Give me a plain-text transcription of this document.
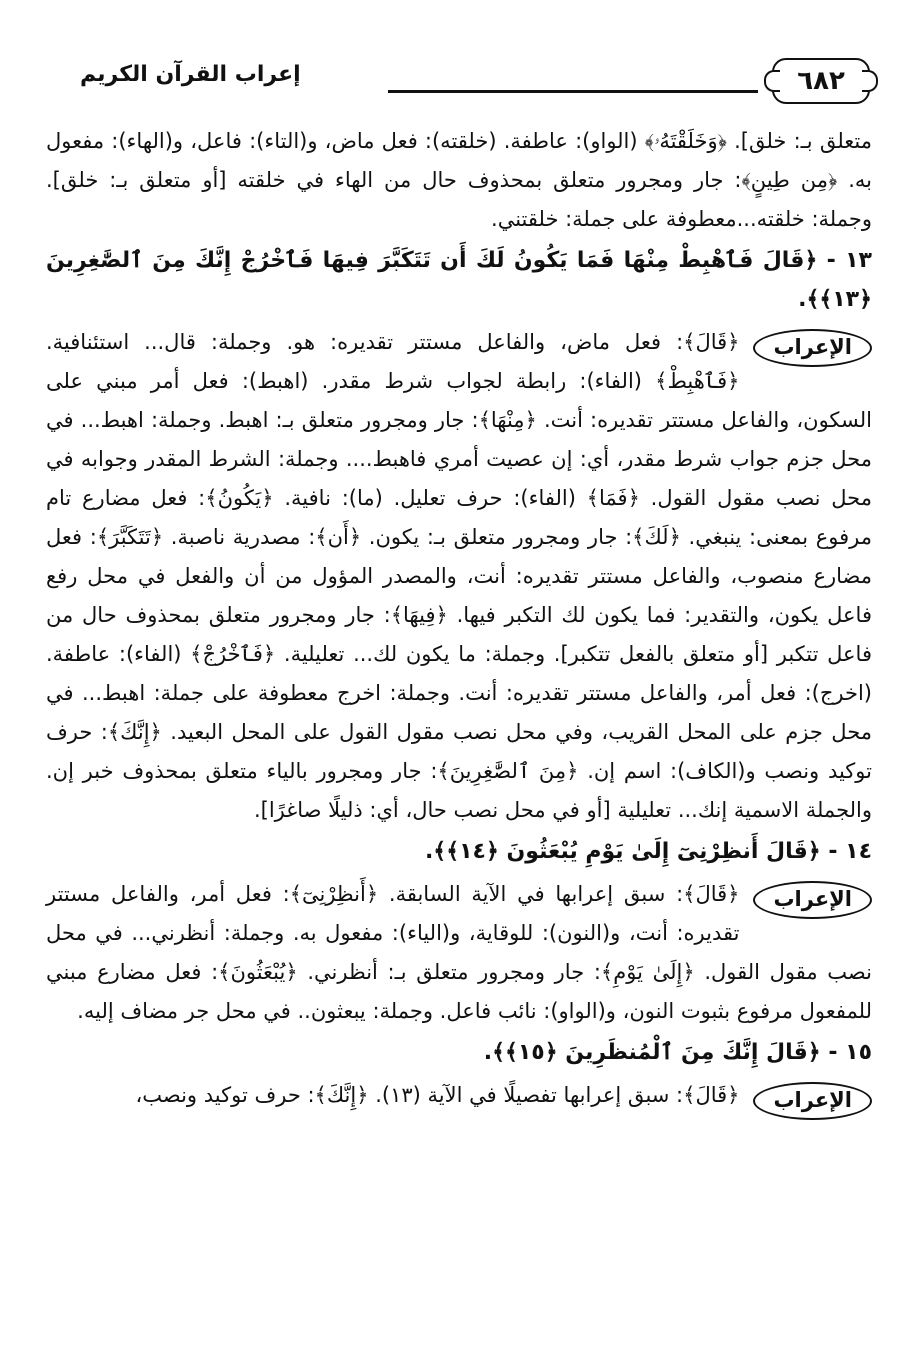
٦٨٢
إعراب القرآن الكريم

متعلق بـ: خلق]. ﴿وَخَلَقْتَهُۥ﴾ (الواو): عاطفة. (خلقته): فعل ماض، و(التاء): فاعل، و(الهاء): مفعول به. ﴿مِن طِينٍ﴾: جار ومجرور متعلق بمحذوف حال من الهاء في خلقته [أو متعلق بـ: خلق]. وجملة: خلقته...معطوفة على جملة: خلقتني.

١٣ - ﴿قَالَ فَٱهْبِطْ مِنْهَا فَمَا يَكُونُ لَكَ أَن تَتَكَبَّرَ فِيهَا فَٱخْرُجْ إِنَّكَ مِنَ ٱلصَّٰغِرِينَ ﴿١٣﴾﴾.

الإعراب

﴿قَالَ﴾: فعل ماض، والفاعل مستتر تقديره: هو. وجملة: قال... استئنافية. ﴿فَٱهْبِطْ﴾ (الفاء): رابطة لجواب شرط مقدر. (اهبط): فعل أمر مبني على السكون، والفاعل مستتر تقديره: أنت. ﴿مِنْهَا﴾: جار ومجرور متعلق بـ: اهبط. وجملة: اهبط... في محل جزم جواب شرط مقدر، أي: إن عصيت أمري فاهبط.... وجملة: الشرط المقدر وجوابه في محل نصب مقول القول. ﴿فَمَا﴾ (الفاء): حرف تعليل. (ما): نافية. ﴿يَكُونُ﴾: فعل مضارع تام مرفوع بمعنى: ينبغي. ﴿لَكَ﴾: جار ومجرور متعلق بـ: يكون. ﴿أَن﴾: مصدرية ناصبة. ﴿تَتَكَبَّرَ﴾: فعل مضارع منصوب، والفاعل مستتر تقديره: أنت، والمصدر المؤول من أن والفعل في محل رفع فاعل يكون، والتقدير: فما يكون لك التكبر فيها. ﴿فِيهَا﴾: جار ومجرور متعلق بمحذوف حال من فاعل تتكبر [أو متعلق بالفعل تتكبر]. وجملة: ما يكون لك... تعليلية. ﴿فَٱخْرُجْ﴾ (الفاء): عاطفة. (اخرج): فعل أمر، والفاعل مستتر تقديره: أنت. وجملة: اخرج معطوفة على جملة: اهبط... في محل جزم على المحل القريب، وفي محل نصب مقول القول على المحل البعيد. ﴿إِنَّكَ﴾: حرف توكيد ونصب و(الكاف): اسم إن. ﴿مِنَ ٱلصَّٰغِرِينَ﴾: جار ومجرور بالياء متعلق بمحذوف خبر إن. والجملة الاسمية إنك... تعليلية [أو في محل نصب حال، أي: ذليلًا صاغرًا].

١٤ - ﴿قَالَ أَنظِرْنِىٓ إِلَىٰ يَوْمِ يُبْعَثُونَ ﴿١٤﴾﴾.

الإعراب

﴿قَالَ﴾: سبق إعرابها في الآية السابقة. ﴿أَنظِرْنِىٓ﴾: فعل أمر، والفاعل مستتر تقديره: أنت، و(النون): للوقاية، و(الياء): مفعول به. وجملة: أنظرني... في محل نصب مقول القول. ﴿إِلَىٰ يَوْمِ﴾: جار ومجرور متعلق بـ: أنظرني. ﴿يُبْعَثُونَ﴾: فعل مضارع مبني للمفعول مرفوع بثبوت النون، و(الواو): نائب فاعل. وجملة: يبعثون.. في محل جر مضاف إليه.

١٥ - ﴿قَالَ إِنَّكَ مِنَ ٱلْمُنظَرِينَ ﴿١٥﴾﴾.

الإعراب

﴿قَالَ﴾: سبق إعرابها تفصيلًا في الآية (١٣). ﴿إِنَّكَ﴾: حرف توكيد ونصب،
